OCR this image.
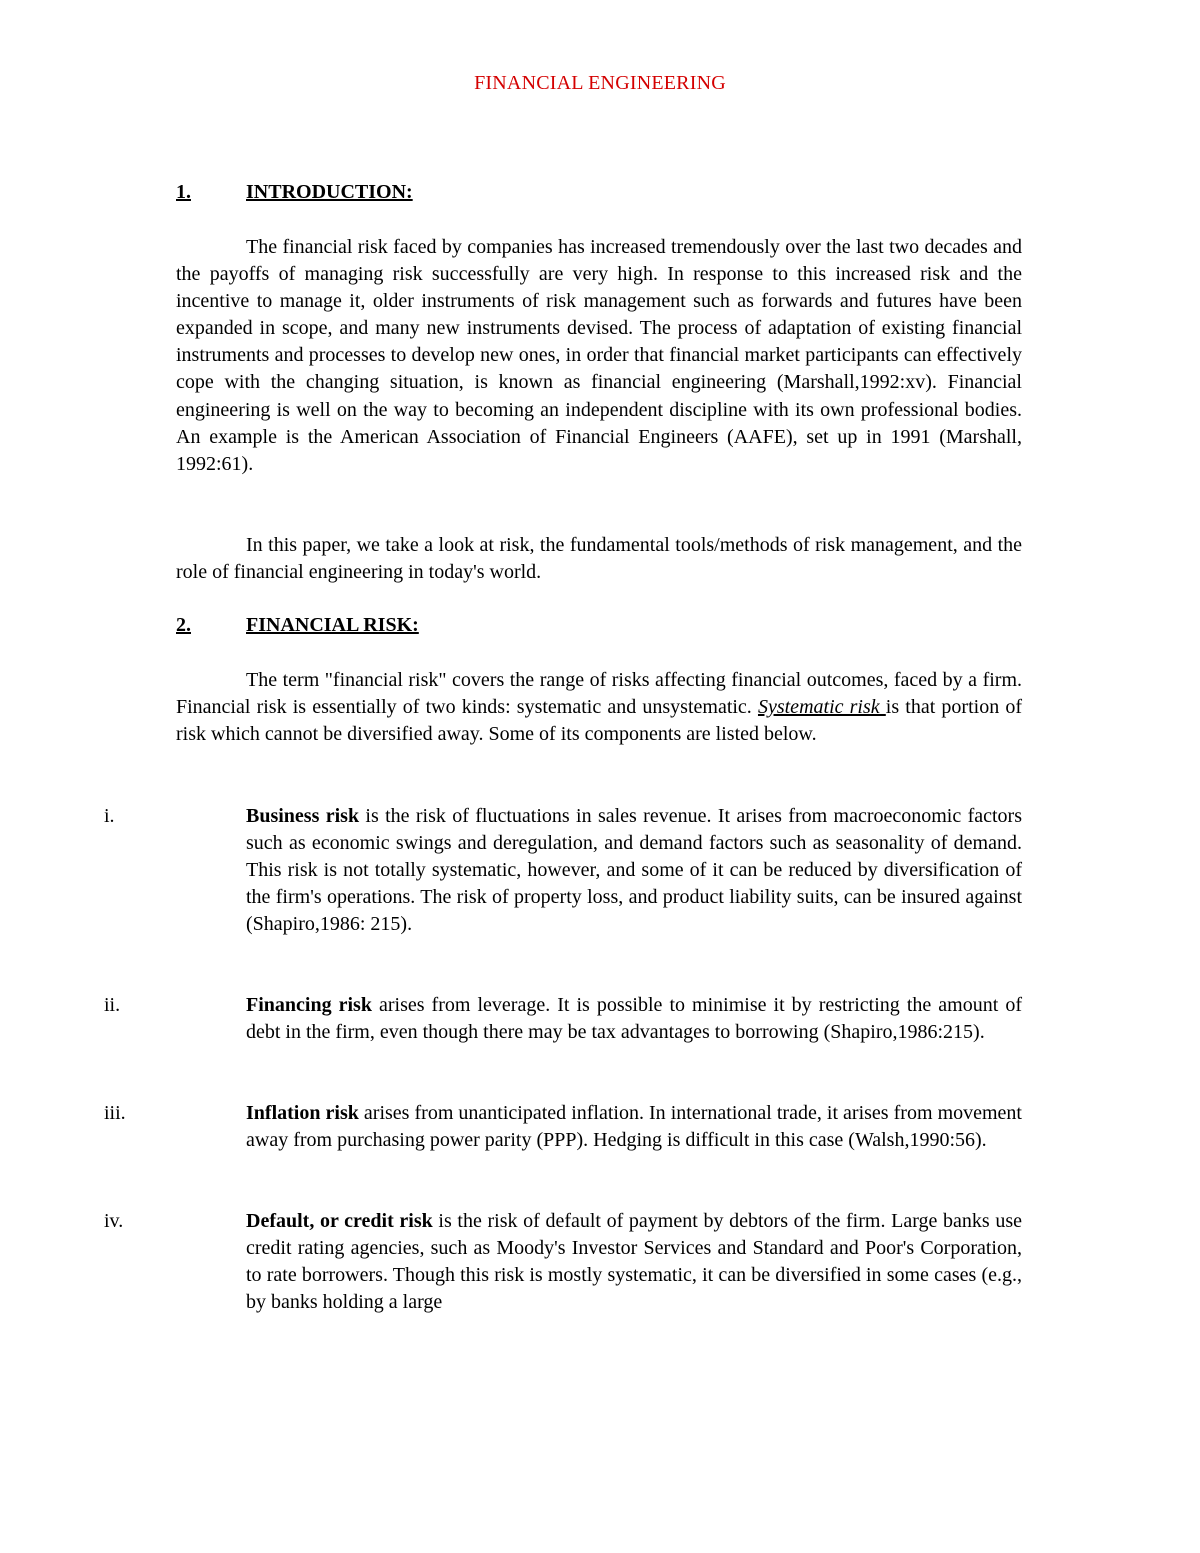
FINANCIAL ENGINEERING
1.	INTRODUCTION:
The financial risk faced by companies has increased tremendously over the last two decades and the payoffs of managing risk successfully are very high. In response to this increased risk and the incentive to manage it, older instruments of risk management such as forwards and futures have been expanded in scope, and many new instruments devised. The process of adaptation of existing financial instruments and processes to develop new ones, in order that financial market participants can effectively cope with the changing situation, is known as financial engineering (Marshall,1992:xv). Financial engineering is well on the way to becoming an independent discipline with its own professional bodies. An example is the American Association of Financial Engineers (AAFE), set up in 1991 (Marshall, 1992:61).
In this paper, we take a look at risk, the fundamental tools/methods of risk management, and the role of financial engineering in today's world.
2.	FINANCIAL RISK:
The term "financial risk" covers the range of risks affecting financial outcomes, faced by a firm. Financial risk is essentially of two kinds: systematic and unsystematic. Systematic risk is that portion of risk which cannot be diversified away. Some of its components are listed below.
i.	Business risk is the risk of fluctuations in sales revenue. It arises from macroeconomic factors such as economic swings and deregulation, and demand factors such as seasonality of demand. This risk is not totally systematic, however, and some of it can be reduced by diversification of the firm's operations. The risk of property loss, and product liability suits, can be insured against (Shapiro,1986: 215).
ii.	Financing risk arises from leverage. It is possible to minimise it by restricting the amount of debt in the firm, even though there may be tax advantages to borrowing (Shapiro,1986:215).
iii.	Inflation risk arises from unanticipated inflation. In international trade, it arises from movement away from purchasing power parity (PPP). Hedging is difficult in this case (Walsh,1990:56).
iv.	Default, or credit risk is the risk of default of payment by debtors of the firm. Large banks use credit rating agencies, such as Moody's Investor Services and Standard and Poor's Corporation, to rate borrowers. Though this risk is mostly systematic, it can be diversified in some cases (e.g., by banks holding a large
